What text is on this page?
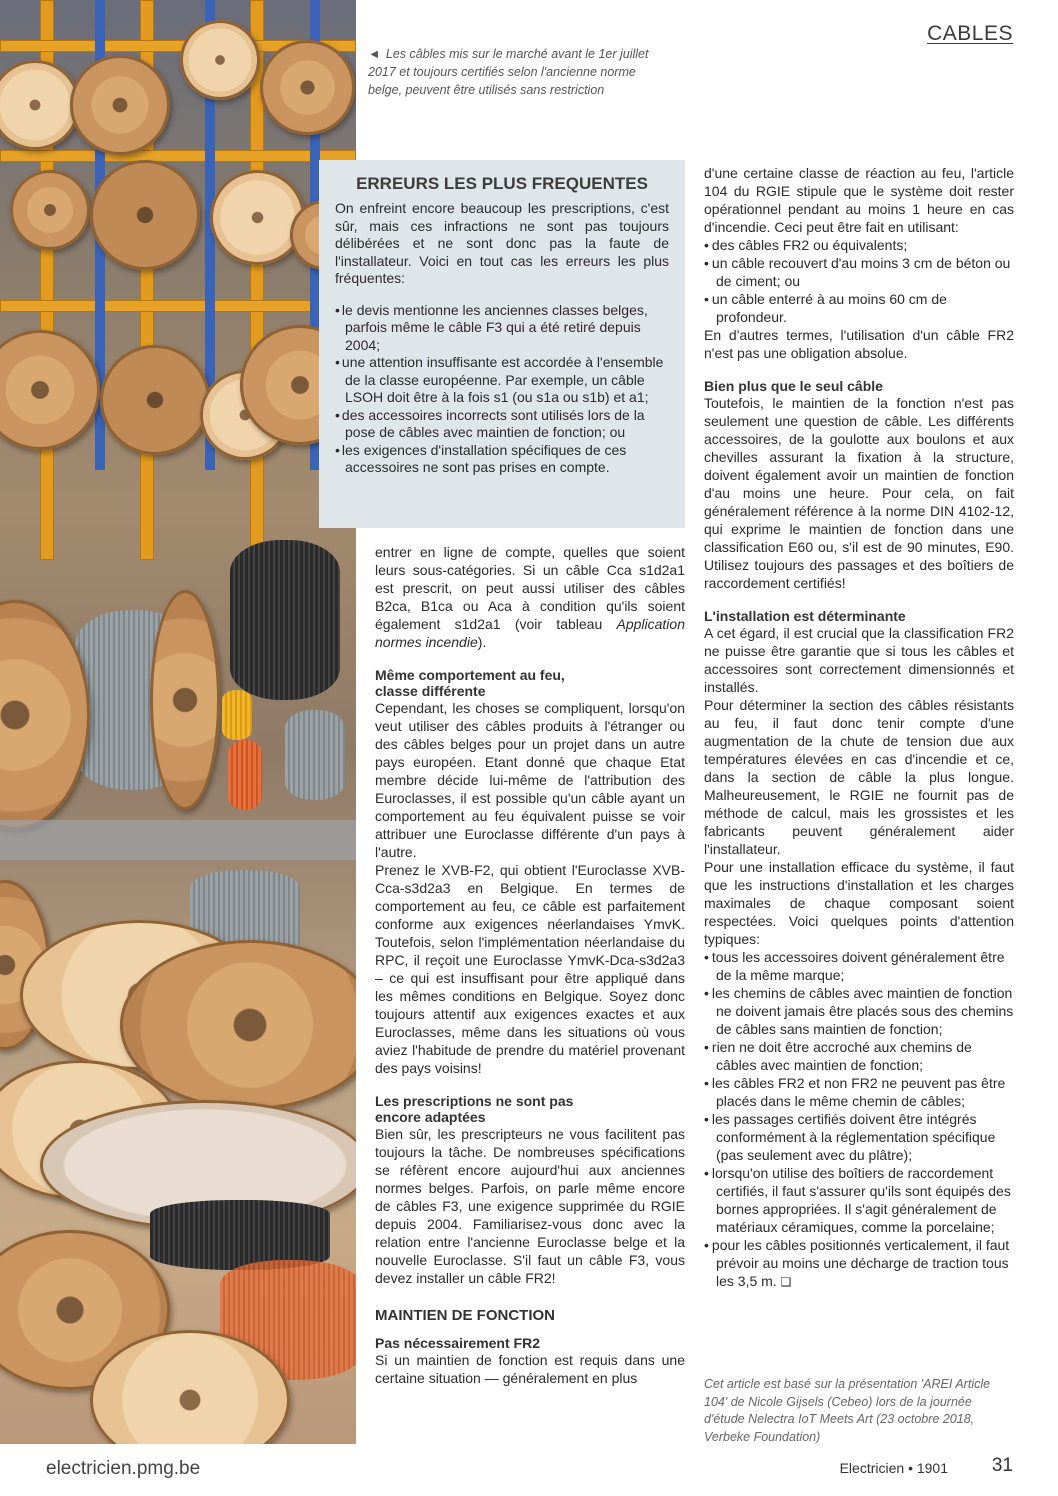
CABLES
◄ Les câbles mis sur le marché avant le 1er juillet 2017 et toujours certifiés selon l'ancienne norme belge, peuvent être utilisés sans restriction
ERREURS LES PLUS FREQUENTES

On enfreint encore beaucoup les prescriptions, c'est sûr, mais ces infractions ne sont pas toujours délibérées et ne sont donc pas la faute de l'installateur. Voici en tout cas les erreurs les plus fréquentes:

• le devis mentionne les anciennes classes belges, parfois même le câble F3 qui a été retiré depuis 2004;
• une attention insuffisante est accordée à l'ensemble de la classe européenne. Par exemple, un câble LSOH doit être à la fois s1 (ou s1a ou s1b) et a1;
• des accessoires incorrects sont utilisés lors de la pose de câbles avec maintien de fonction; ou
• les exigences d'installation spécifiques de ces accessoires ne sont pas prises en compte.

entrer en ligne de compte, quelles que soient leurs sous-catégories. Si un câble Cca s1d2a1 est prescrit, on peut aussi utiliser des câbles B2ca, B1ca ou Aca à condition qu'ils soient également s1d2a1 (voir tableau Application normes incendie).

Même comportement au feu, classe différente

Cependant, les choses se compliquent, lorsqu'on veut utiliser des câbles produits à l'étranger ou des câbles belges pour un projet dans un autre pays européen. Etant donné que chaque Etat membre décide lui-même de l'attribution des Euroclasses, il est possible qu'un câble ayant un comportement au feu équivalent puisse se voir attribuer une Euroclasse différente d'un pays à l'autre.

Prenez le XVB-F2, qui obtient l'Euroclasse XVB-Cca-s3d2a3 en Belgique. En termes de comportement au feu, ce câble est parfaitement conforme aux exigences néerlandaises YmvK. Toutefois, selon l'implémentation néerlandaise du RPC, il reçoit une Euroclasse YmvK-Dca-s3d2a3 – ce qui est insuffisant pour être appliqué dans les mêmes conditions en Belgique. Soyez donc toujours attentif aux exigences exactes et aux Euroclasses, même dans les situations où vous aviez l'habitude de prendre du matériel provenant des pays voisins!

Les prescriptions ne sont pas encore adaptées

Bien sûr, les prescripteurs ne vous facilitent pas toujours la tâche. De nombreuses spécifications se réfèrent encore aujourd'hui aux anciennes normes belges. Parfois, on parle même encore de câbles F3, une exigence supprimée du RGIE depuis 2004. Familiarisez-vous donc avec la relation entre l'ancienne Euroclasse belge et la nouvelle Euroclasse. S'il faut un câble F3, vous devez installer un câble FR2!

MAINTIEN DE FONCTION
Pas nécessairement FR2

Si un maintien de fonction est requis dans une certaine situation — généralement en plus

d'une certaine classe de réaction au feu, l'article 104 du RGIE stipule que le système doit rester opérationnel pendant au moins 1 heure en cas d'incendie. Ceci peut être fait en utilisant:

• des câbles FR2 ou équivalents;
• un câble recouvert d'au moins 3 cm de béton ou de ciment; ou
• un câble enterré à au moins 60 cm de profondeur.

En d'autres termes, l'utilisation d'un câble FR2 n'est pas une obligation absolue.

Bien plus que le seul câble

Toutefois, le maintien de la fonction n'est pas seulement une question de câble. Les différents accessoires, de la goulotte aux boulons et aux chevilles assurant la fixation à la structure, doivent également avoir un maintien de fonction d'au moins une heure. Pour cela, on fait généralement référence à la norme DIN 4102-12, qui exprime le maintien de fonction dans une classification E60 ou, s'il est de 90 minutes, E90. Utilisez toujours des passages et des boîtiers de raccordement certifiés!

L'installation est déterminante

A cet égard, il est crucial que la classification FR2 ne puisse être garantie que si tous les câbles et accessoires sont correctement dimensionnés et installés.

Pour déterminer la section des câbles résistants au feu, il faut donc tenir compte d'une augmentation de la chute de tension due aux températures élevées en cas d'incendie et ce, dans la section de câble la plus longue. Malheureusement, le RGIE ne fournit pas de méthode de calcul, mais les grossistes et les fabricants peuvent généralement aider l'installateur.

Pour une installation efficace du système, il faut que les instructions d'installation et les charges maximales de chaque composant soient respectées. Voici quelques points d'attention typiques:

• tous les accessoires doivent généralement être de la même marque;
• les chemins de câbles avec maintien de fonction ne doivent jamais être placés sous des chemins de câbles sans maintien de fonction;
• rien ne doit être accroché aux chemins de câbles avec maintien de fonction;
• les câbles FR2 et non FR2 ne peuvent pas être placés dans le même chemin de câbles;
• les passages certifiés doivent être intégrés conformément à la réglementation spécifique (pas seulement avec du plâtre);
• lorsqu'on utilise des boîtiers de raccordement certifiés, il faut s'assurer qu'ils sont équipés des bornes appropriées. Il s'agit généralement de matériaux céramiques, comme la porcelaine;
• pour les câbles positionnés verticalement, il faut prévoir au moins une décharge de traction tous les 3,5 m. ❑
Cet article est basé sur la présentation 'AREI Article 104' de Nicole Gijsels (Cebeo) lors de la journée d'étude Nelectra IoT Meets Art (23 octobre 2018, Verbeke Foundation)
electricien.pmg.be	Electricien • 1901 31
